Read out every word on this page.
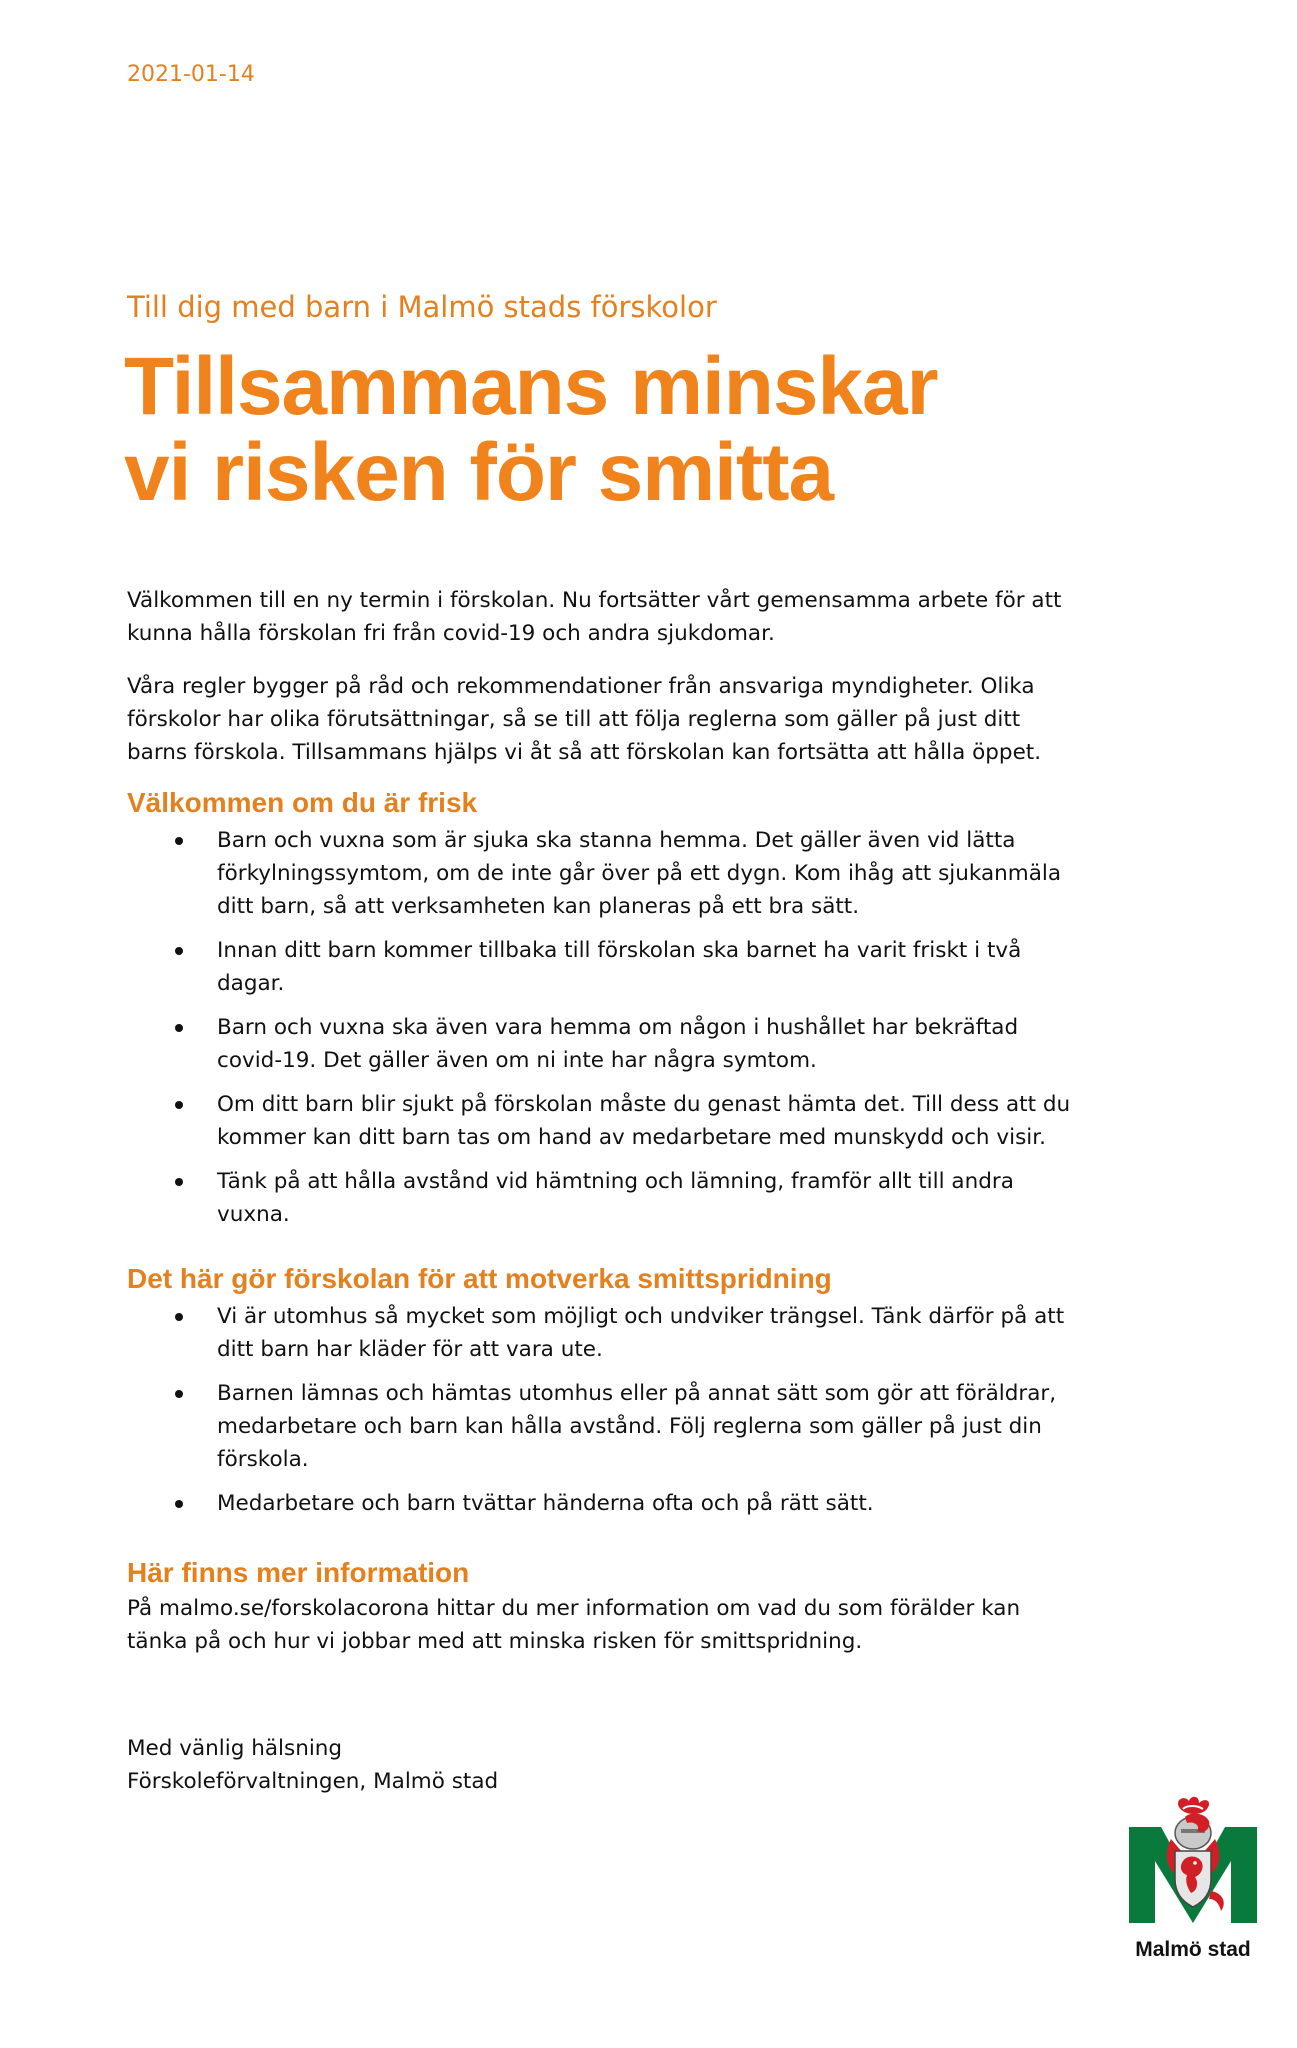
2021-01-14
Till dig med barn i Malmö stads förskolor
Tillsammans minskar
vi risken för smitta

Välkommen till en ny termin i förskolan. Nu fortsätter vårt gemensamma arbete för att kunna hålla förskolan fri från covid-19 och andra sjukdomar.

Våra regler bygger på råd och rekommendationer från ansvariga myndigheter. Olika förskolor har olika förutsättningar, så se till att följa reglerna som gäller på just ditt barns förskola. Tillsammans hjälps vi åt så att förskolan kan fortsätta att hålla öppet.

Välkommen om du är frisk
Barn och vuxna som är sjuka ska stanna hemma. Det gäller även vid lätta förkylningssymtom, om de inte går över på ett dygn. Kom ihåg att sjukanmäla ditt barn, så att verksamheten kan planeras på ett bra sätt.
Innan ditt barn kommer tillbaka till förskolan ska barnet ha varit friskt i två dagar.
Barn och vuxna ska även vara hemma om någon i hushållet har bekräftad covid-19. Det gäller även om ni inte har några symtom.
Om ditt barn blir sjukt på förskolan måste du genast hämta det. Till dess att du kommer kan ditt barn tas om hand av medarbetare med munskydd och visir.
Tänk på att hålla avstånd vid hämtning och lämning, framför allt till andra vuxna.
Det här gör förskolan för att motverka smittspridning
Vi är utomhus så mycket som möjligt och undviker trängsel. Tänk därför på att ditt barn har kläder för att vara ute.
Barnen lämnas och hämtas utomhus eller på annat sätt som gör att föräldrar, medarbetare och barn kan hålla avstånd. Följ reglerna som gäller på just din förskola.
Medarbetare och barn tvättar händerna ofta och på rätt sätt.
Här finns mer information

På malmo.se/forskolacorona hittar du mer information om vad du som förälder kan tänka på och hur vi jobbar med att minska risken för smittspridning.

Med vänlig hälsning
Förskoleförvaltningen, Malmö stad
Malmö stad
